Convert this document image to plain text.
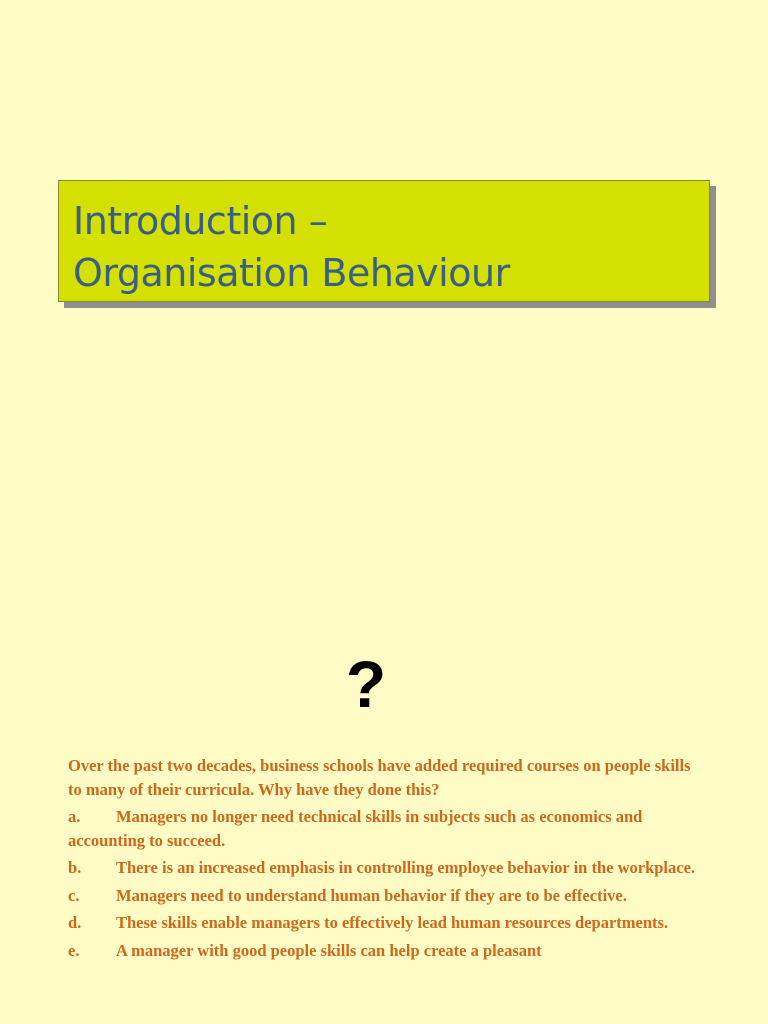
Introduction –
Organisation Behaviour
?
Over the past two decades, business schools have added required courses on people skills to many of their curricula. Why have they done this?
a. Managers no longer need technical skills in subjects such as economics and accounting to succeed.
b. There is an increased emphasis in controlling employee behavior in the workplace.
c. Managers need to understand human behavior if they are to be effective.
d. These skills enable managers to effectively lead human resources departments.
e. A manager with good people skills can help create a pleasant
